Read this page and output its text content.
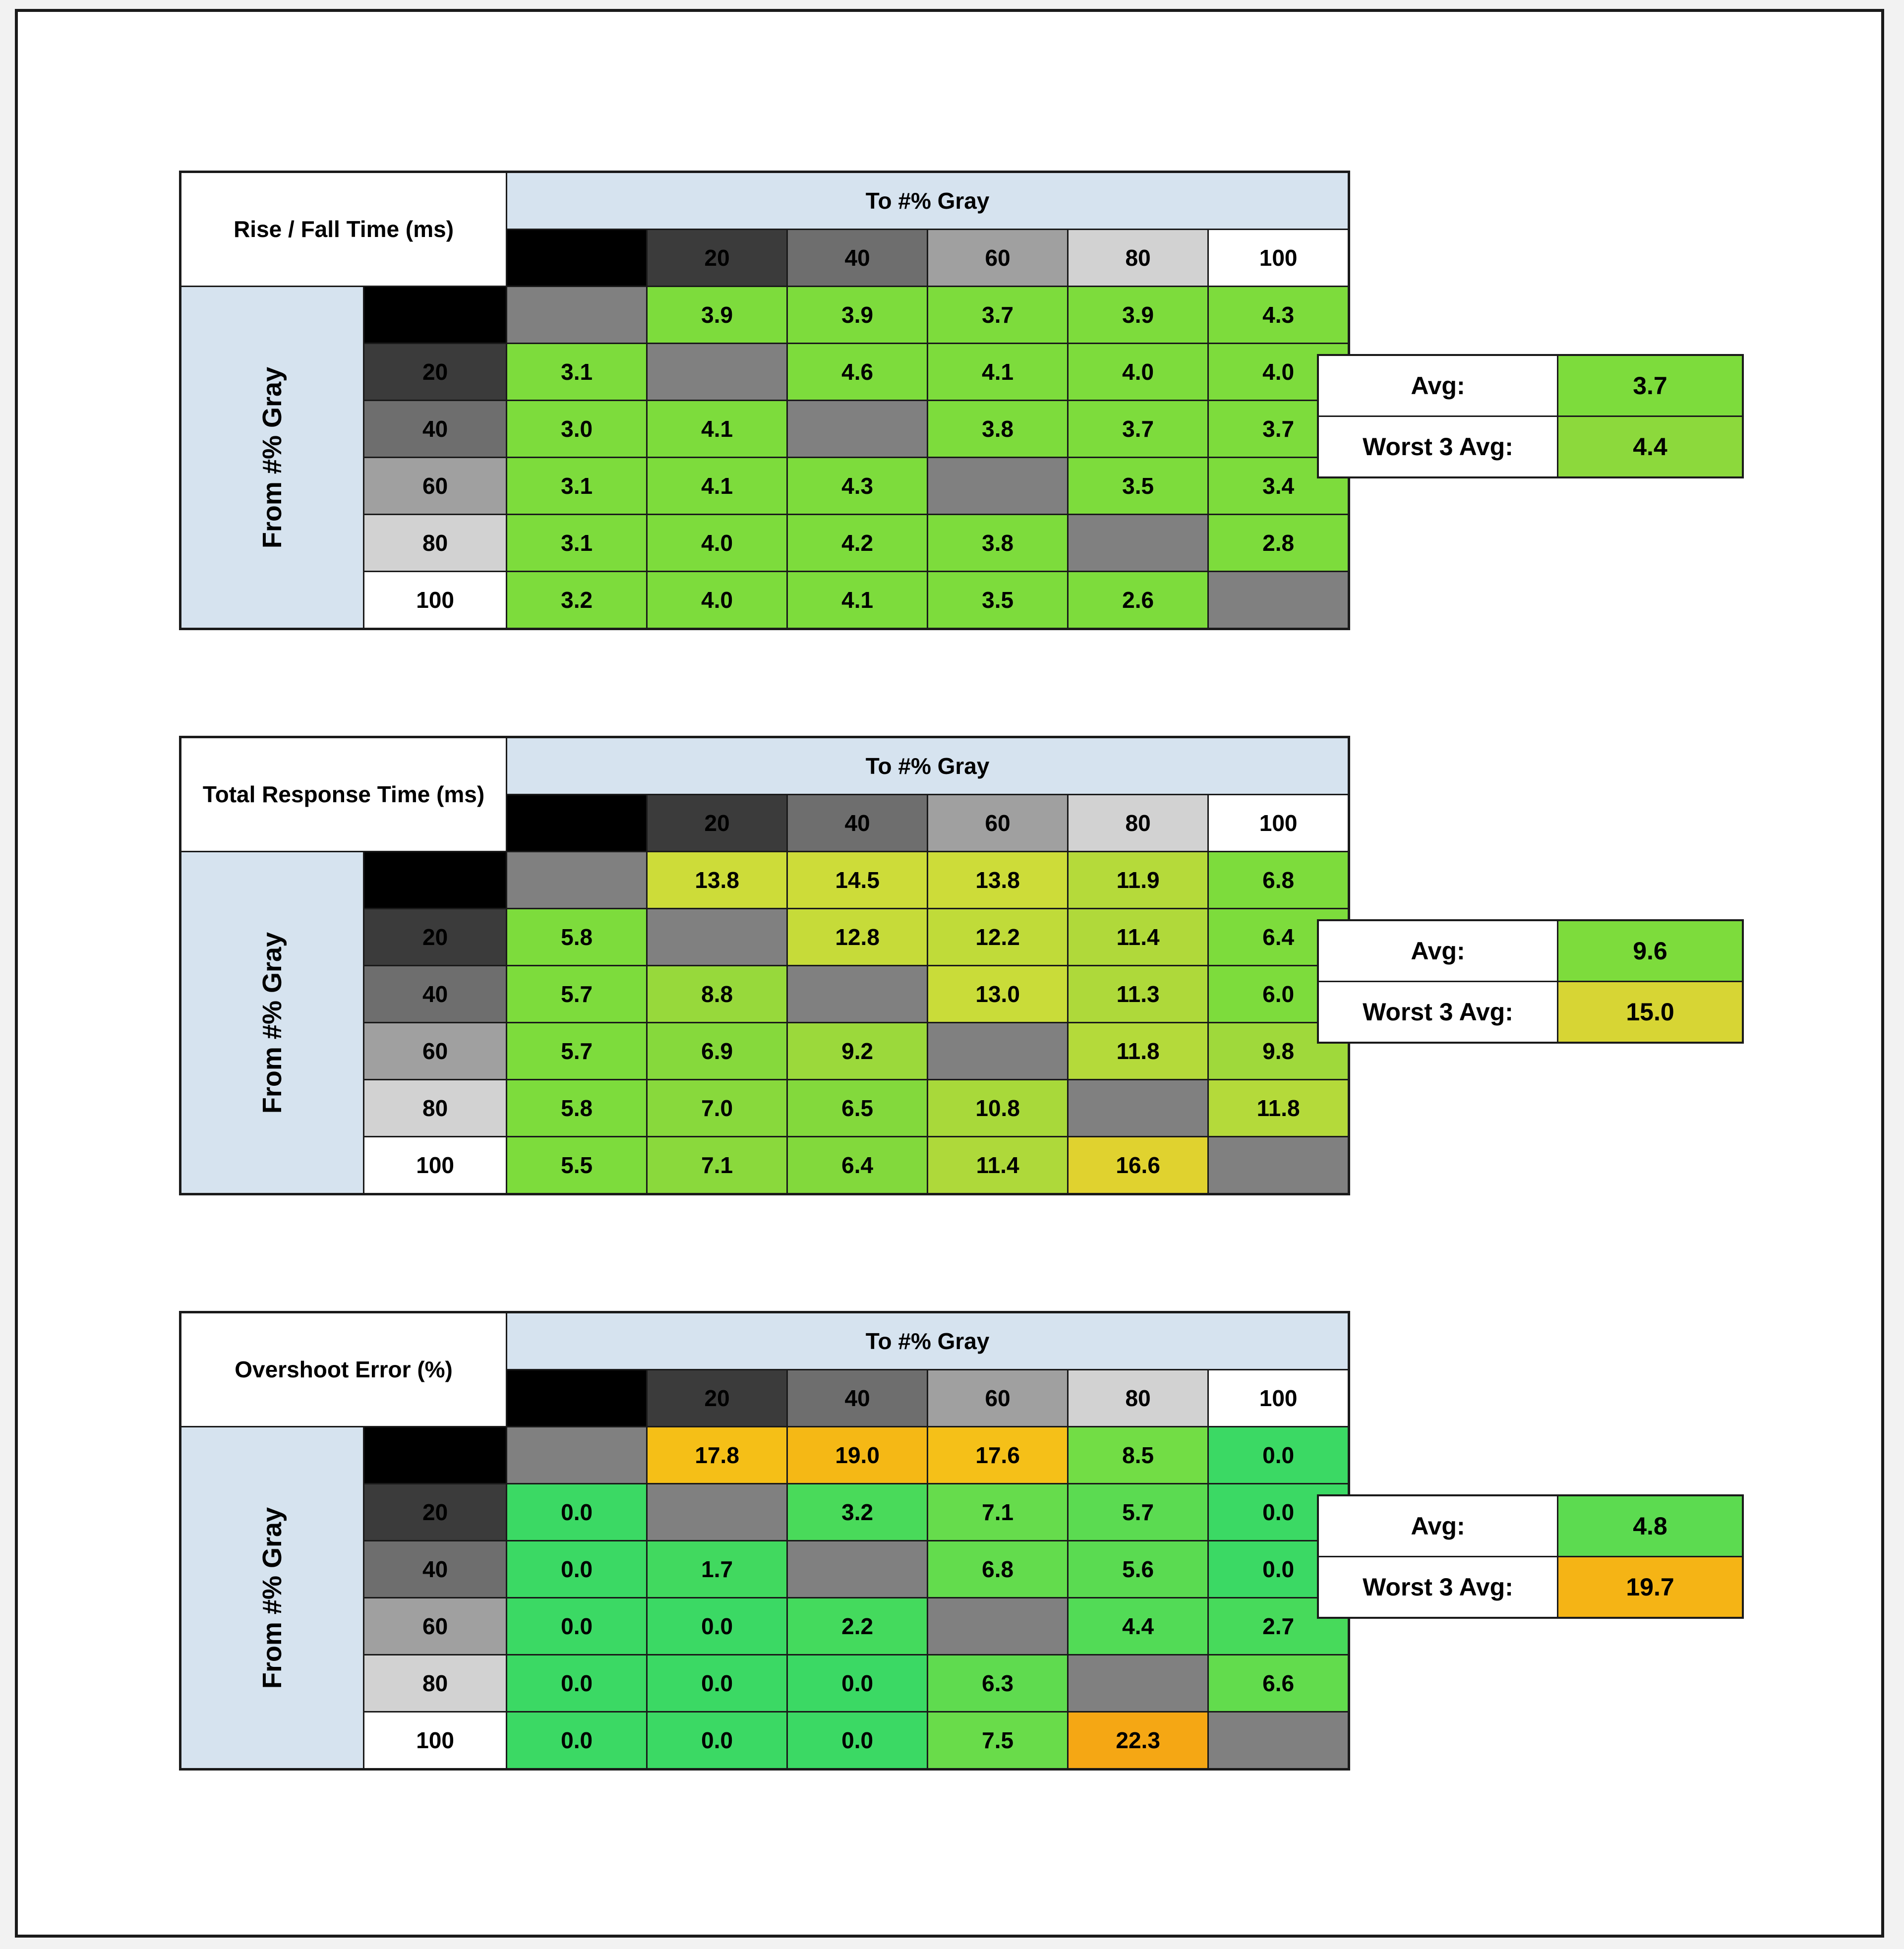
Rise / Fall Time (ms)		To #% Gray					
		0	20	40	60	80	100

From #% Gray	0		3.9	3.9	3.7	3.9	4.3
	20	3.1		4.6	4.1	4.0	4.0
	40	3.0	4.1		3.8	3.7	3.7
	60	3.1	4.1	4.3		3.5	3.4
	80	3.1	4.0	4.2	3.8		2.8
	100	3.2	4.0	4.1	3.5	2.6	
Avg:	3.7
Worst 3 Avg:	4.4
Total Response Time (ms)		To #% Gray					
		0	20	40	60	80	100

From #% Gray	0		13.8	14.5	13.8	11.9	6.8
	20	5.8		12.8	12.2	11.4	6.4
	40	5.7	8.8		13.0	11.3	6.0
	60	5.7	6.9	9.2		11.8	9.8
	80	5.8	7.0	6.5	10.8		11.8
	100	5.5	7.1	6.4	11.4	16.6	
Avg:	9.6
Worst 3 Avg:	15.0
Overshoot Error (%)		To #% Gray					
		0	20	40	60	80	100

From #% Gray	0		17.8	19.0	17.6	8.5	0.0
	20	0.0		3.2	7.1	5.7	0.0
	40	0.0	1.7		6.8	5.6	0.0
	60	0.0	0.0	2.2		4.4	2.7
	80	0.0	0.0	0.0	6.3		6.6
	100	0.0	0.0	0.0	7.5	22.3	
Avg:	4.8
Worst 3 Avg:	19.7
